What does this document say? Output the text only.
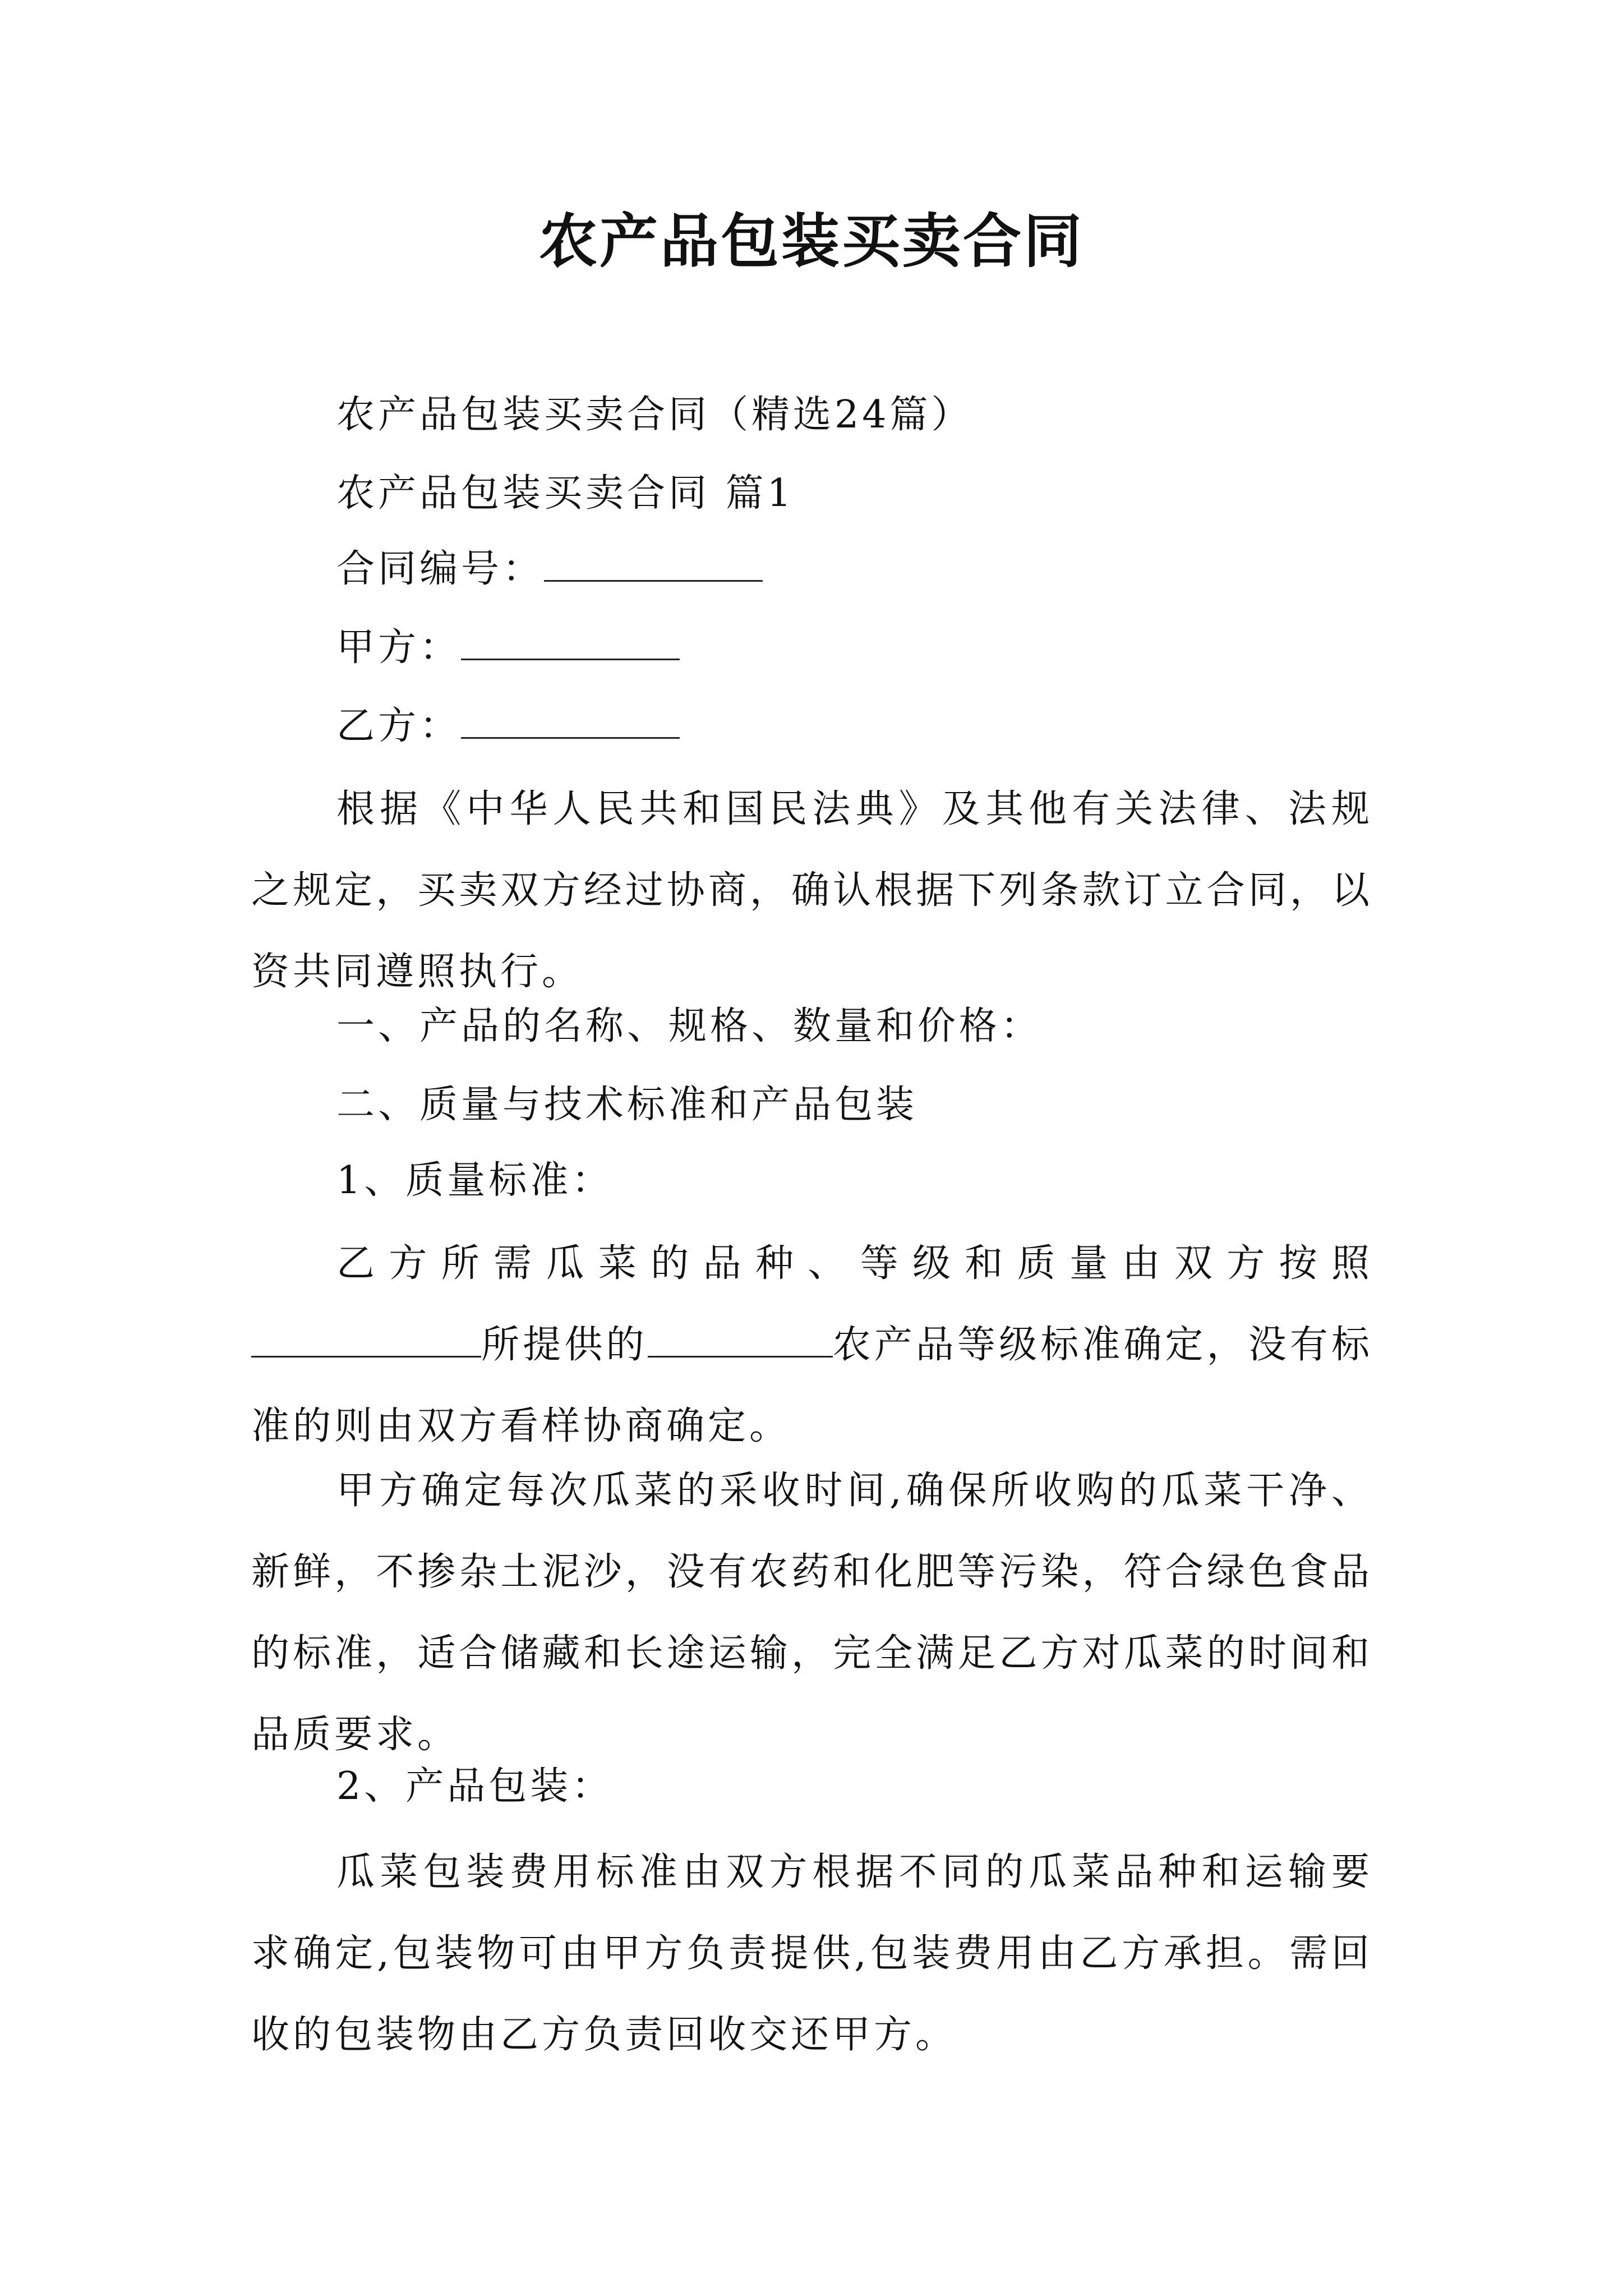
农产品包装买卖合同
农产品包装买卖合同（精选24篇）
农产品包装买卖合同 篇1
合同编号：
甲方：
乙方：
根据《中华人民共和国民法典》及其他有关法律、法规之规定，买卖双方经过协商，确认根据下列条款订立合同，以资共同遵照执行。
一、产品的名称、规格、数量和价格：
二、质量与技术标准和产品包装
1、质量标准：
乙方所需瓜菜的品种、等级和质量由双方按照所提供的	农产品等级标准确定，没有标准的则由双方看样协商确定。
甲方确定每次瓜菜的采收时间,确保所收购的瓜菜干净、新鲜，不掺杂土泥沙，没有农药和化肥等污染，符合绿色食品的标准，适合储藏和长途运输，完全满足乙方对瓜菜的时间和品质要求。
2、产品包装：
瓜菜包装费用标准由双方根据不同的瓜菜品种和运输要求确定,包装物可由甲方负责提供,包装费用由乙方承担。需回收的包装物由乙方负责回收交还甲方。
